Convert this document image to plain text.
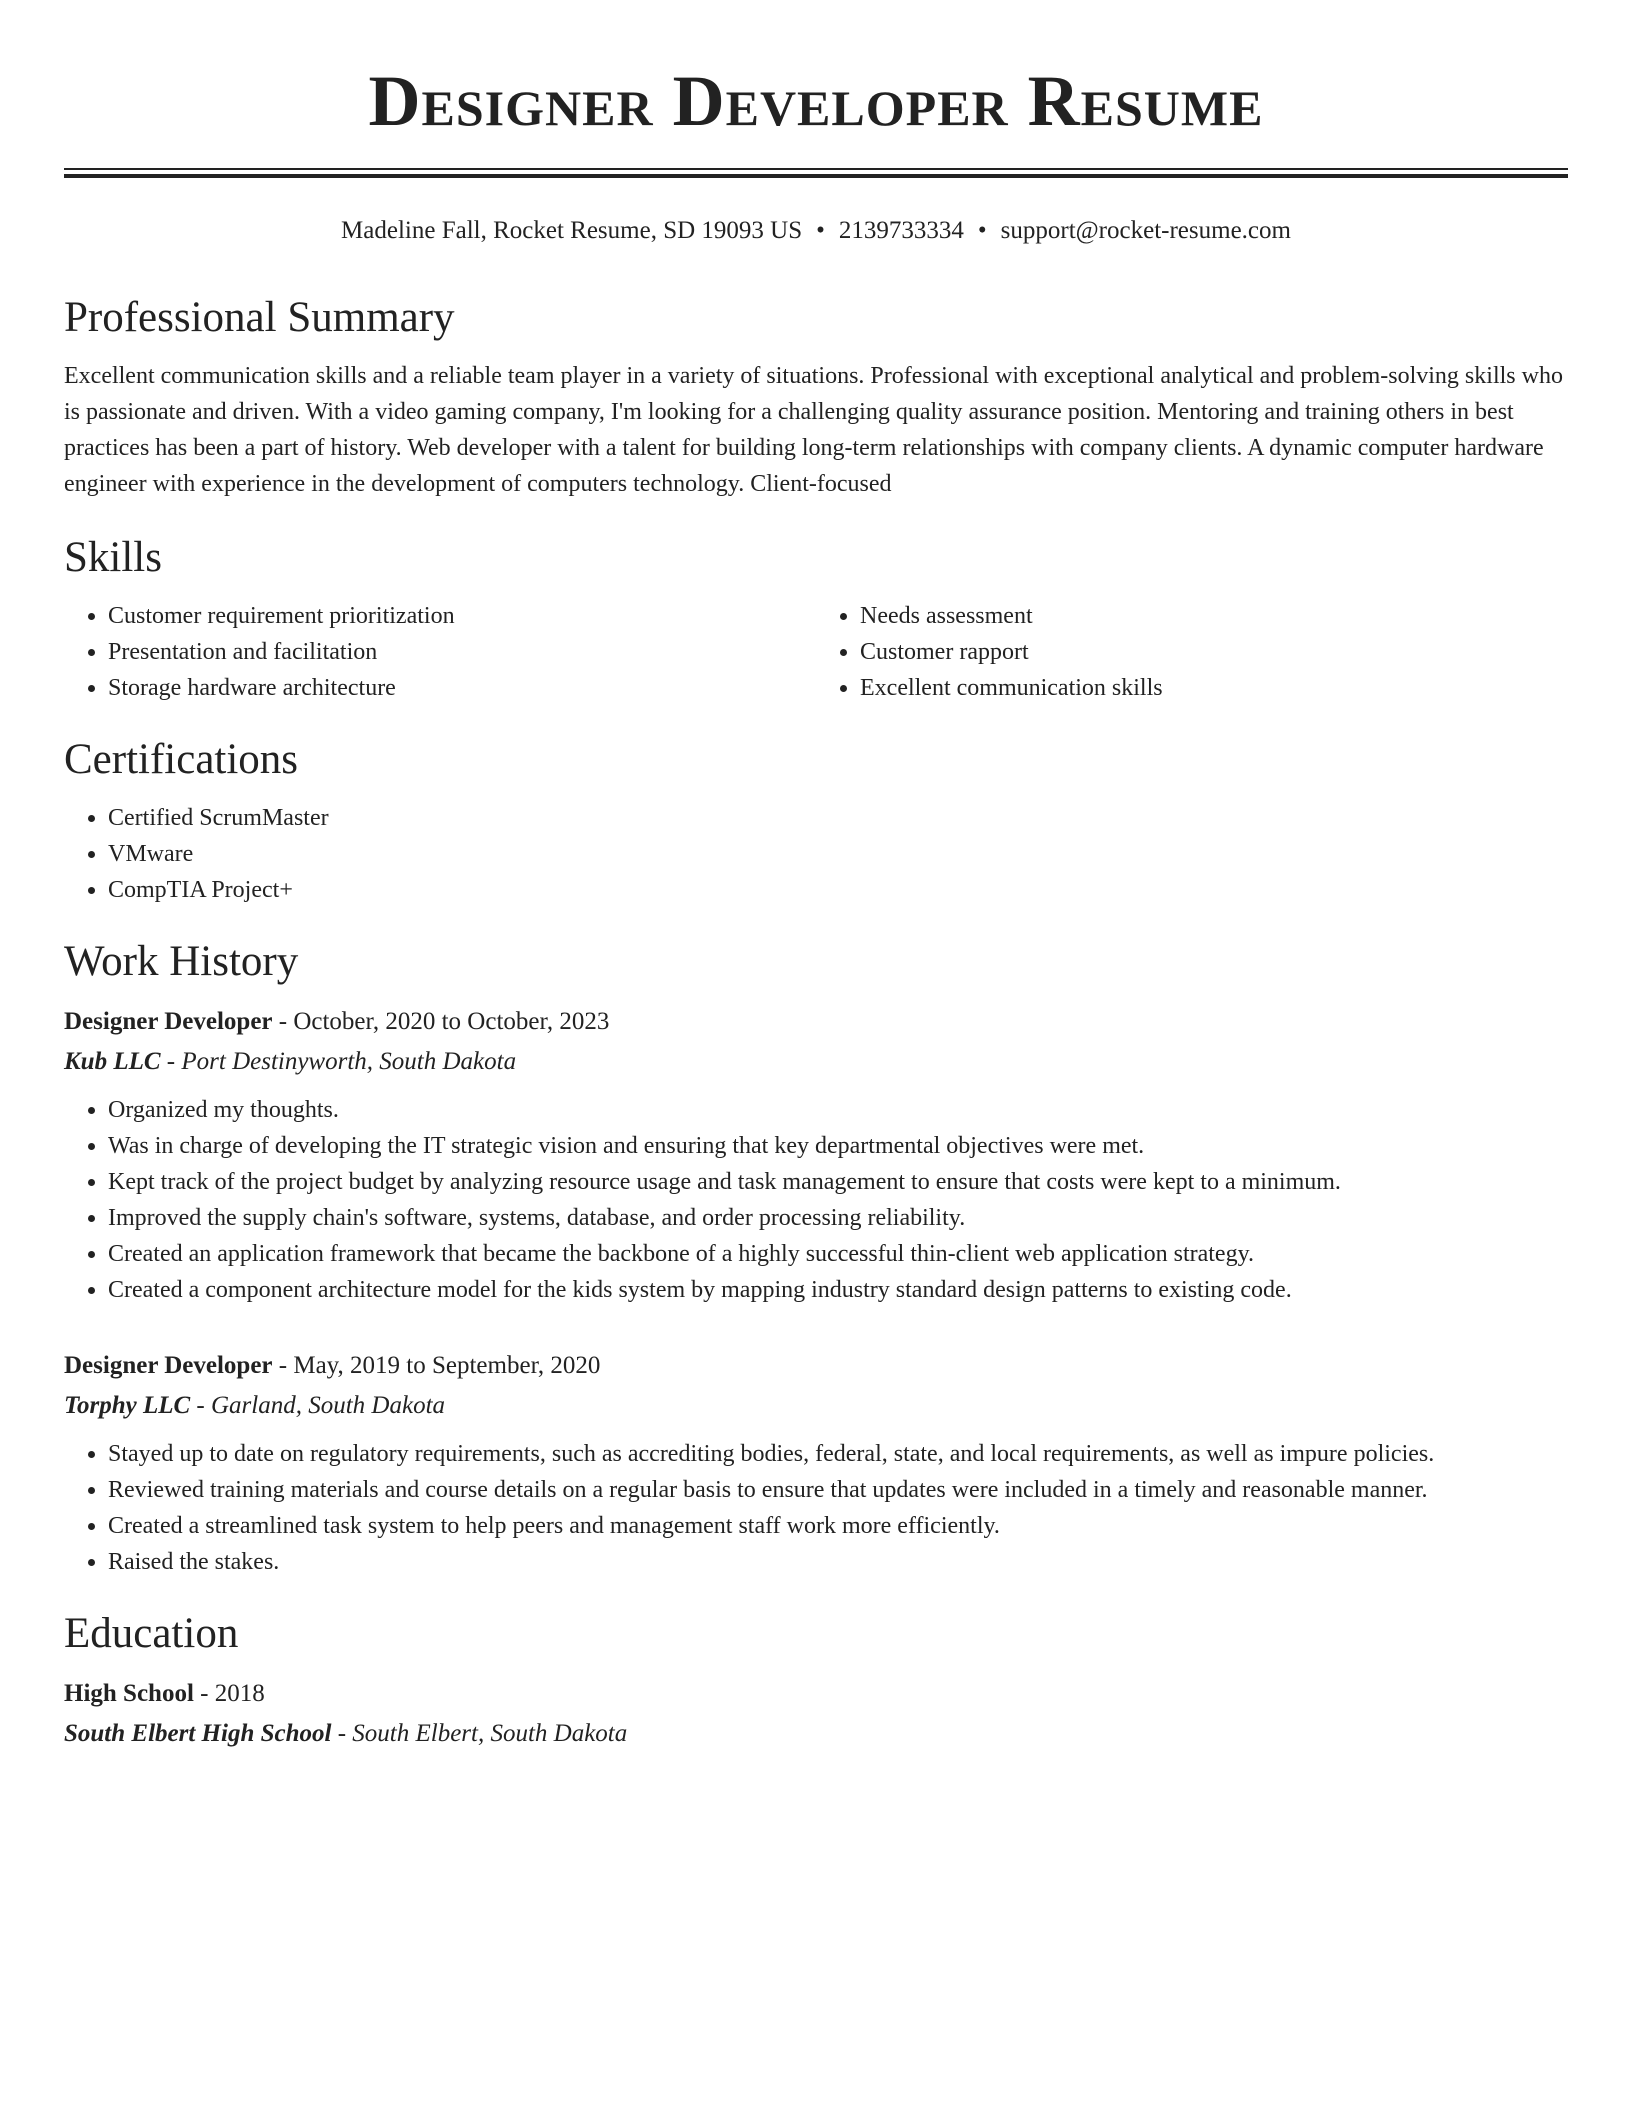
Designer Developer Resume
Madeline Fall, Rocket Resume, SD 19093 US • 2139733334 • support@rocket-resume.com
Professional Summary

Excellent communication skills and a reliable team player in a variety of situations. Professional with exceptional analytical and problem-solving skills who is passionate and driven. With a video gaming company, I'm looking for a challenging quality assurance position. Mentoring and training others in best practices has been a part of history. Web developer with a talent for building long-term relationships with company clients. A dynamic computer hardware engineer with experience in the development of computers technology. Client-focused

Skills
• Customer requirement prioritization
• Presentation and facilitation
• Storage hardware architecture
• Needs assessment
• Customer rapport
• Excellent communication skills
Certifications
• Certified ScrumMaster
• VMware
• CompTIA Project+
Work History
Designer Developer - October, 2020 to October, 2023
Kub LLC - Port Destinyworth, South Dakota
• Organized my thoughts.
• Was in charge of developing the IT strategic vision and ensuring that key departmental objectives were met.
• Kept track of the project budget by analyzing resource usage and task management to ensure that costs were kept to a minimum.
• Improved the supply chain's software, systems, database, and order processing reliability.
• Created an application framework that became the backbone of a highly successful thin-client web application strategy.
• Created a component architecture model for the kids system by mapping industry standard design patterns to existing code.
Designer Developer - May, 2019 to September, 2020
Torphy LLC - Garland, South Dakota
• Stayed up to date on regulatory requirements, such as accrediting bodies, federal, state, and local requirements, as well as impure policies.
• Reviewed training materials and course details on a regular basis to ensure that updates were included in a timely and reasonable manner.
• Created a streamlined task system to help peers and management staff work more efficiently.
• Raised the stakes.
Education
High School - 2018
South Elbert High School - South Elbert, South Dakota
